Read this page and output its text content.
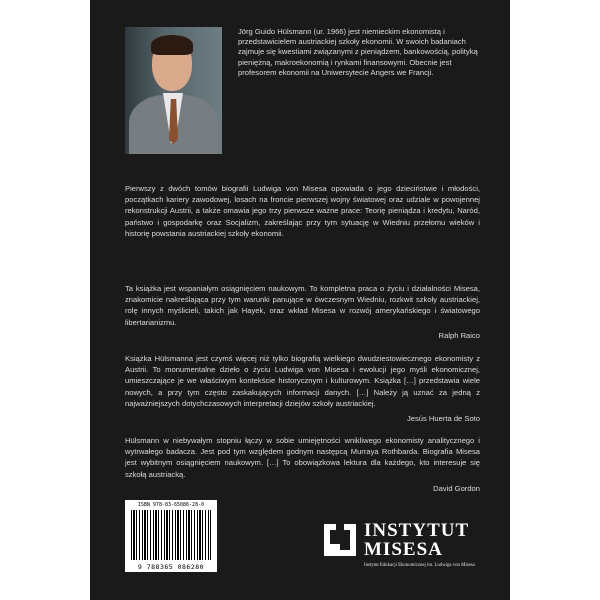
Jörg Guido Hülsmann (ur. 1966) jest niemieckim ekonomistą i przedstawicielem austriackiej szkoły ekonomii. W swoich badaniach zajmuje się kwestiami związanymi z pieniądzem, bankowością, polityką pieniężną, makroekonomią i rynkami finansowymi. Obecnie jest profesorem ekonomii na Uniwersytecie Angers we Francji.
Pierwszy z dwóch tomów biografii Ludwiga von Misesa opowiada o jego dzieciństwie i młodości, początkach kariery zawodowej, losach na froncie pierwszej wojny światowej oraz udziale w powojennej rekonstrukcji Austrii, a także omawia jego trzy pierwsze ważne prace: Teorię pieniądza i kredytu, Naród, państwo i gospodarkę oraz Socjalizm, zakreślając przy tym sytuację w Wiedniu przełomu wieków i historię powstania austriackiej szkoły ekonomii.
Ta książka jest wspaniałym osiągnięciem naukowym. To kompletna praca o życiu i działalności Misesa, znakomicie nakreślająca przy tym warunki panujące w ówczesnym Wiedniu, rozkwit szkoły austriackiej, rolę innych myślicieli, takich jak Hayek, oraz wkład Misesa w rozwój amerykańskiego i światowego libertarianizmu.
Ralph Raico
Książka Hülsmanna jest czymś więcej niż tylko biografią wielkiego dwudziestowiecznego ekonomisty z Austrii. To monumentalne dzieło o życiu Ludwiga von Misesa i ewolucji jego myśli ekonomicznej, umieszczające je we właściwym kontekście historycznym i kulturowym. Książka […] przedstawia wiele nowych, a przy tym często zaskakujących informacji danych. […] Należy ją uznać za jedną z najważniejszych dotychczasowych interpretacji dziejów szkoły austriackiej.
Jesús Huerta de Soto
Hülsmann w niebywałym stopniu łączy w sobie umiejętności wnikliwego ekonomisty analitycznego i wytrwałego badacza. Jest pod tym względem godnym następcą Murraya Rothbarda. Biografia Misesa jest wybitnym osiągnięciem naukowym. […] To obowiązkowa lektura dla każdego, kto interesuje się szkołą austriacką.
David Gordon
ISBN 978-83-65086-28-0
9 788365 086280
INSTYTUT
MISESA
Instytut Edukacji Ekonomicznej im. Ludwiga von Misesa
